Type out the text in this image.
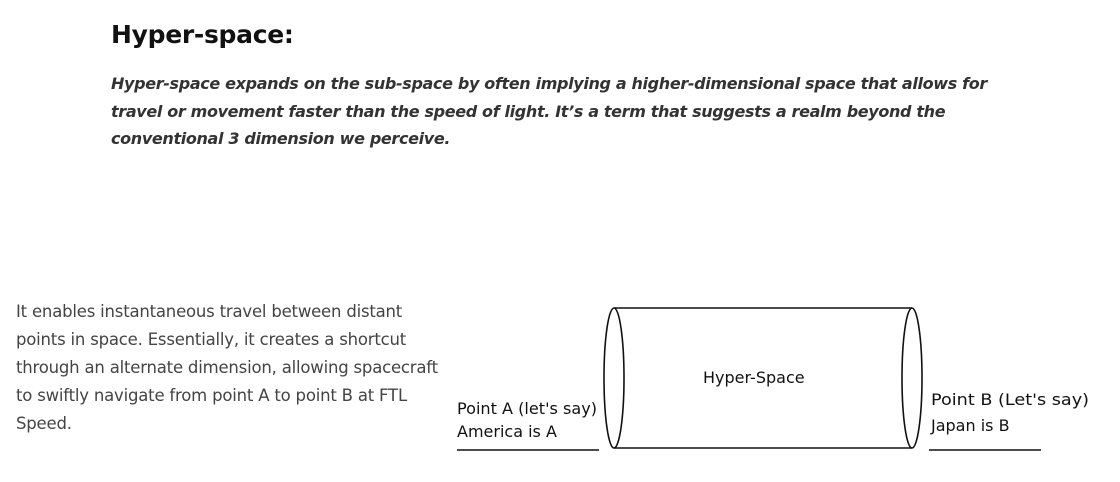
Hyper-space:

Hyper-space expands on the sub-space by often implying a higher-dimensional space that allows for travel or movement faster than the speed of light. It’s a term that suggests a realm beyond the conventional 3 dimension we perceive.

It enables instantaneous travel between distant points in space. Essentially, it creates a shortcut through an alternate dimension, allowing spacecraft to swiftly navigate from point A to point B at FTL Speed.

Hyper-Space
Point A (let's say)
America is A
Point B (Let's say)
Japan is B
